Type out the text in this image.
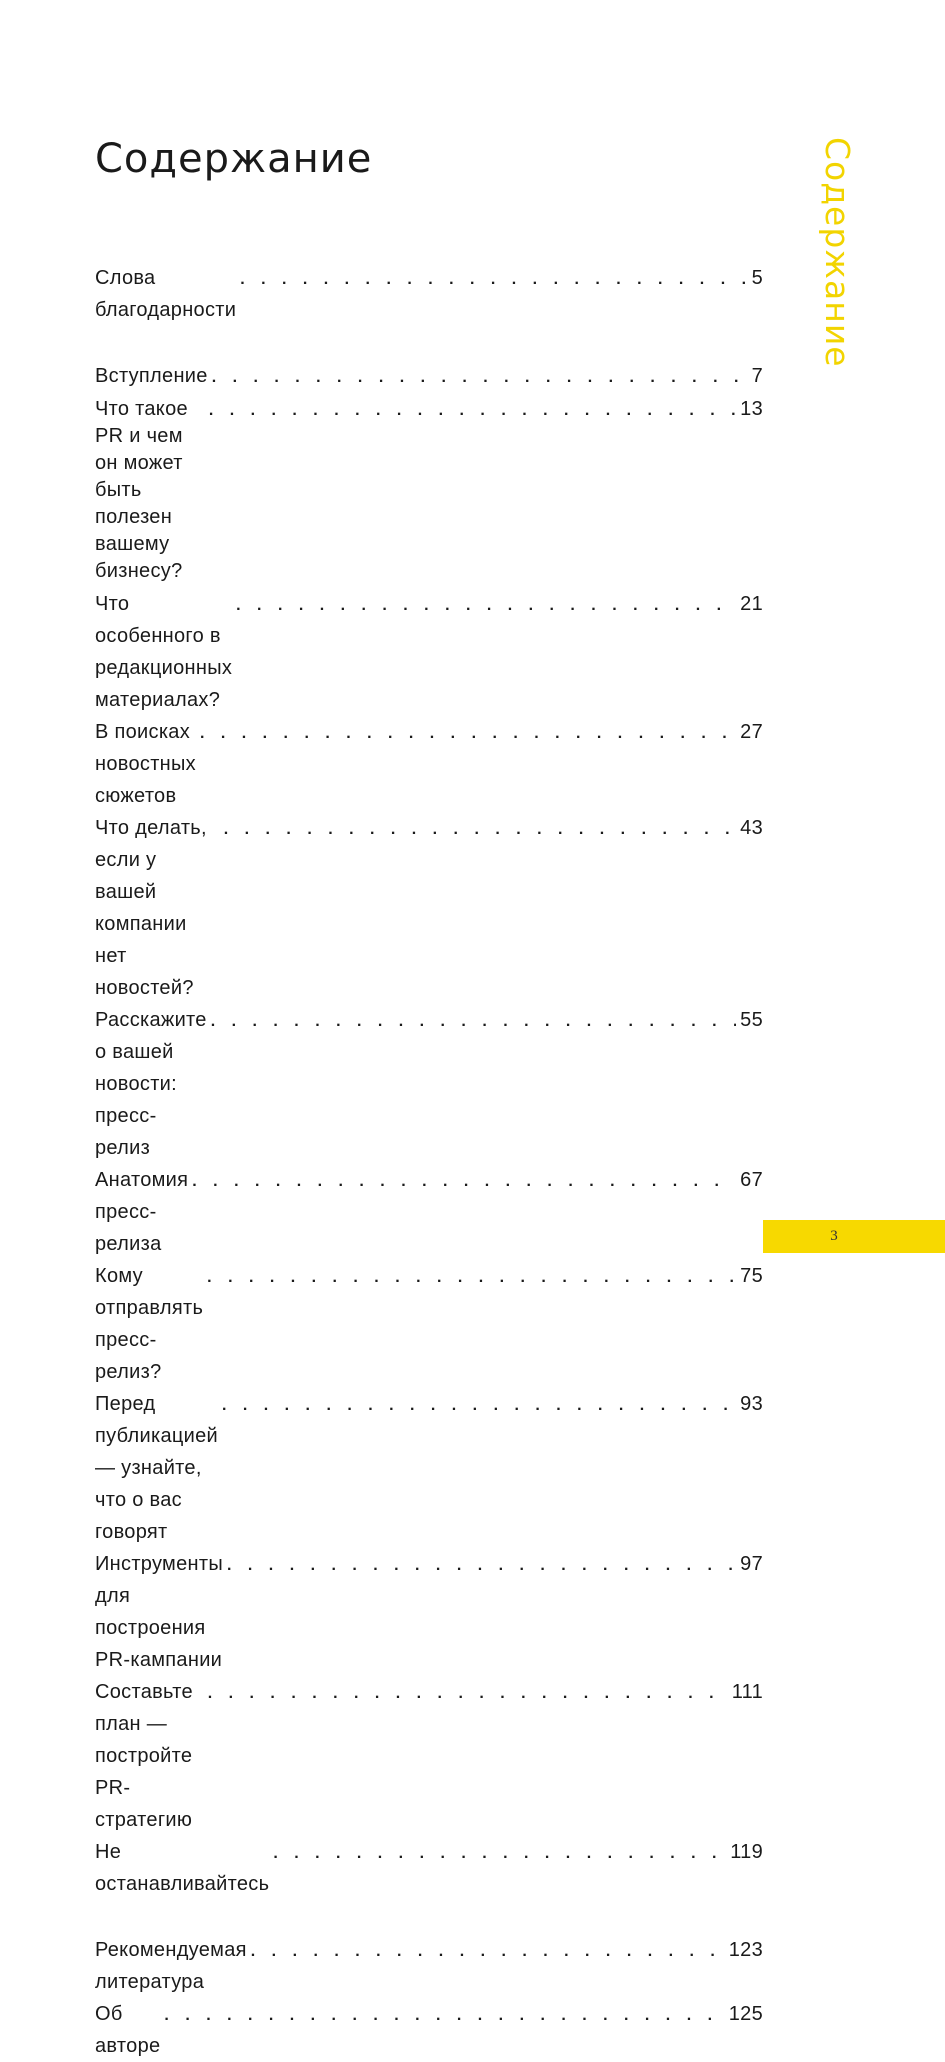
Содержание	Содержание
Слова благодарности
. . .
5
Вступление
. . .	7
Что такое PR и чем он может быть полезен
вашему бизнесу?
. . .
13
Что особенного в редакционных материалах?
. . .
21
В поисках новостных сюжетов
. . .
27
Что делать, если у вашей компании нет новостей?
. . .
43
Расскажите о вашей новости: пресс-релиз
. . .
55
Анатомия пресс-релиза
. . .
67
Кому отправлять пресс-релиз?
. . .
75
Перед публикацией — узнайте, что о вас говорят
. . .
93
Инструменты для построения PR-кампании
. . .
97
Составьте план — постройте PR-стратегию
. . .
111
Не останавливайтесь
. . .
119
Рекомендуемая литература
. . .
123
Об авторе
. . .
125
3
